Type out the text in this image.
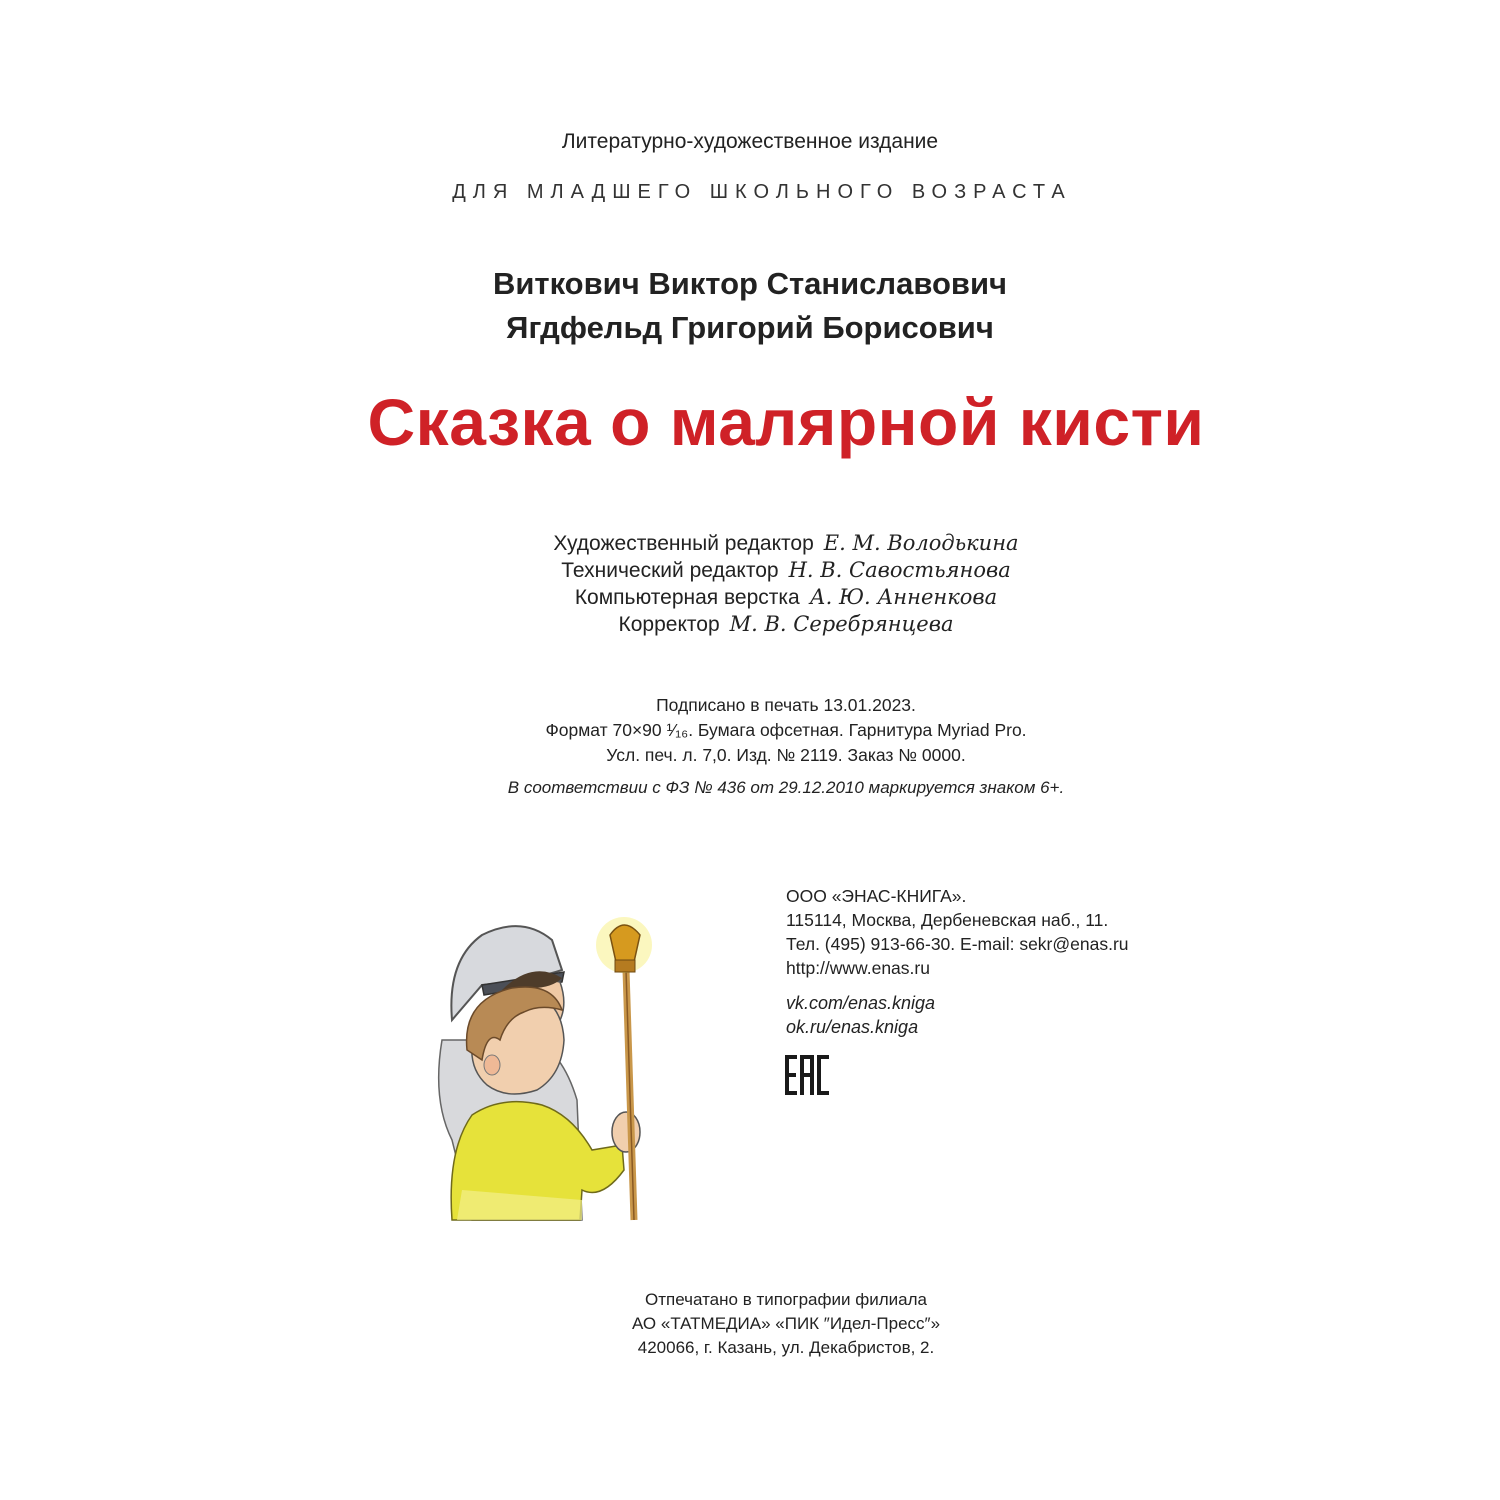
Литературно-художественное издание
ДЛЯ МЛАДШЕГО ШКОЛЬНОГО ВОЗРАСТА
Виткович Виктор Станиславович
Ягдфельд Григорий Борисович
Сказка о малярной кисти
Художественный редактор Е. М. Володькина
Технический редактор Н. В. Савостьянова
Компьютерная верстка А. Ю. Анненкова
Корректор М. В. Серебрянцева
Подписано в печать 13.01.2023.
Формат 70×90 ¹⁄₁₆. Бумага офсетная. Гарнитура Myriad Pro.
Усл. печ. л. 7,0. Изд. № 2119. Заказ № 0000.
В соответствии с ФЗ № 436 от 29.12.2010 маркируется знаком 6+.
ООО «ЭНАС-КНИГА».
115114, Москва, Дербеневская наб., 11.
Тел. (495) 913-66-30. E-mail: sekr@enas.ru
http://www.enas.ru
vk.com/enas.kniga
ok.ru/enas.kniga
Отпечатано в типографии филиала
АО «ТАТМЕДИА» «ПИК ″Идел-Пресс″»
420066, г. Казань, ул. Декабристов, 2.
